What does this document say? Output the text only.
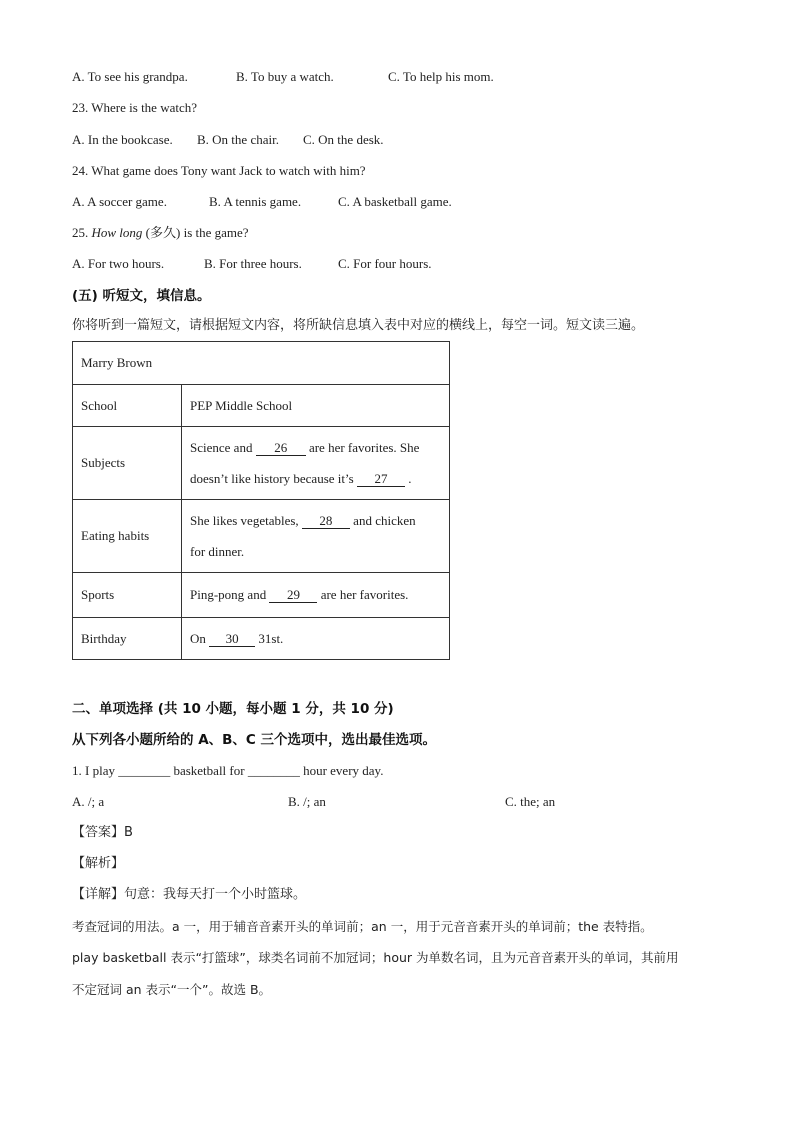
A. To see his grandpa.	B. To buy a watch.	C. To help his mom.
23. Where is the watch?
A. In the bookcase. B. On the chair. C. On the desk.
24. What game does Tony want Jack to watch with him?
A. A soccer game.	B. A tennis game.	C. A basketball game.
25. How long (多久) is the game?
A. For two hours.	B. For three hours.	C. For four hours.
(五) 听短文，填信息。
你将听到一篇短文，请根据短文内容，将所缺信息填入表中对应的横线上，每空一词。短文读三遍。
Marry Brown	
School	PEP Middle School
Subjects	Science and 26 are her favorites. She
doesn’t like history because it’s 27 .

Eating habits	She likes vegetables, 28 and chicken
for dinner.

Sports	Ping-pong and 29 are her favorites.
Birthday	On 30 31st.
二、单项选择 (共 10 小题，每小题 1 分，共 10 分)
从下列各小题所给的 A、B、C 三个选项中，选出最佳选项。
1. I play ________ basketball for ________ hour every day.
A. /; a	B. /; an	C. the; an
【答案】B
【解析】
【详解】句意：我每天打一个小时篮球。
考查冠词的用法。a 一，用于辅音音素开头的单词前；an 一，用于元音音素开头的单词前；the 表特指。
play basketball 表示“打篮球”，球类名词前不加冠词；hour 为单数名词，且为元音音素开头的单词，其前用
不定冠词 an 表示“一个”。故选 B。
